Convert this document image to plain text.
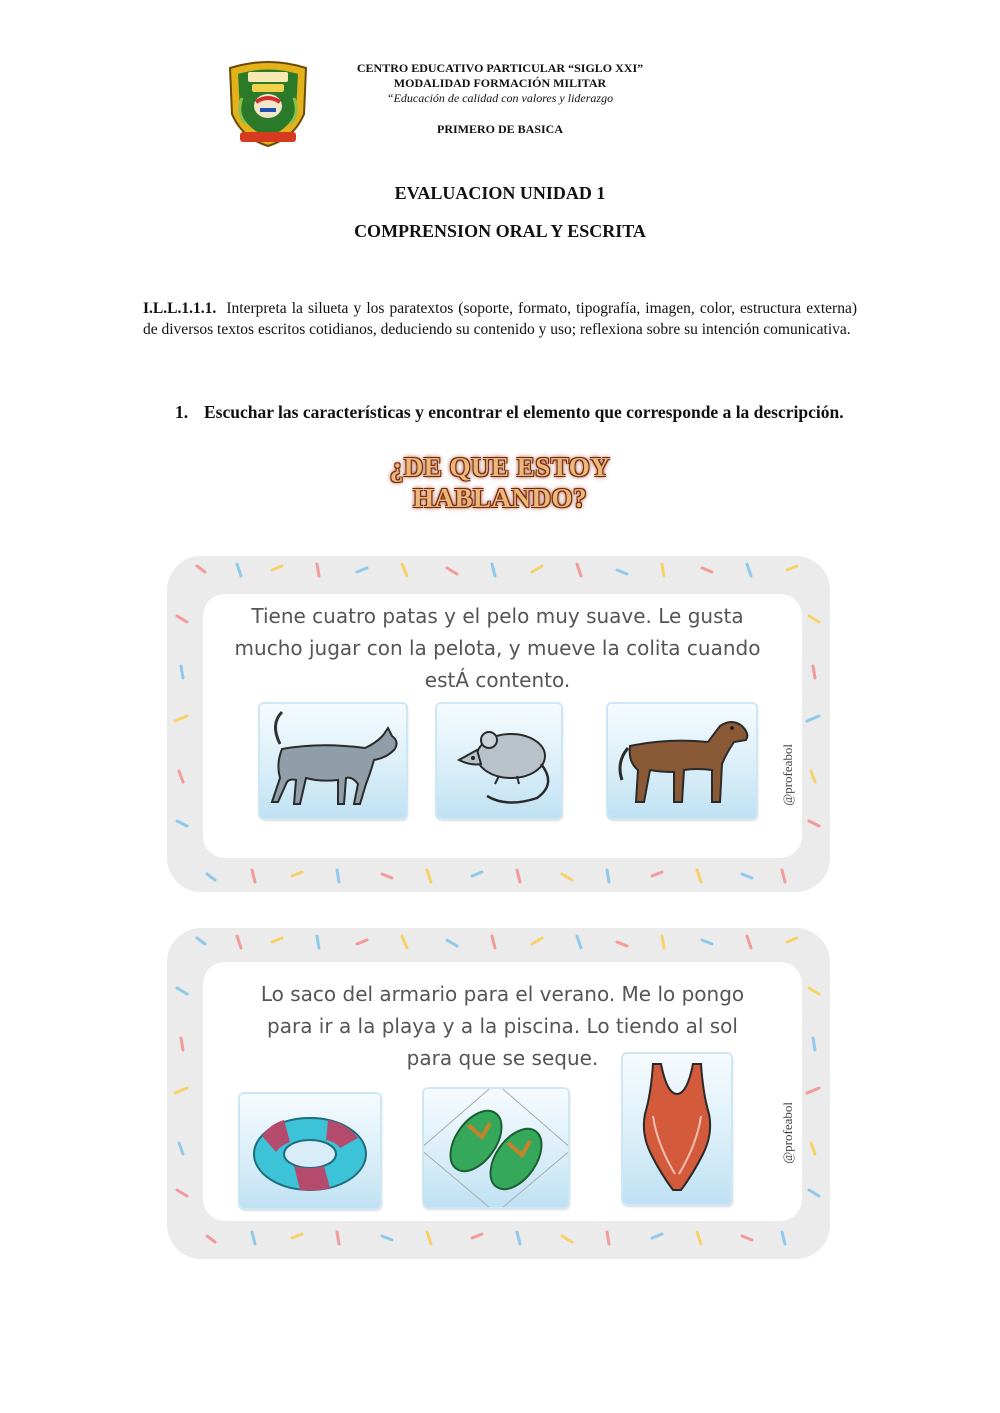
CENTRO EDUCATIVO PARTICULAR “SIGLO XXI”
MODALIDAD FORMACIÓN MILITAR
“Educación de calidad con valores y liderazgo
PRIMERO DE BASICA
EVALUACION UNIDAD 1
COMPRENSION ORAL Y ESCRITA
I.L.L.1.1.1. Interpreta la silueta y los paratextos (soporte, formato, tipografía, imagen, color, estructura externa) de diversos textos escritos cotidianos, deduciendo su contenido y uso; reflexiona sobre su intención comunicativa.
1. Escuchar las características y encontrar el elemento que corresponde a la descripción.
¿DE QUE ESTOY HABLANDO?
Tiene cuatro patas y el pelo muy suave. Le gusta mucho jugar con la pelota, y mueve la colita cuando estÁ contento.
@profeabol
Lo saco del armario para el verano. Me lo pongo para ir a la playa y a la piscina. Lo tiendo al sol para que se seque.
@profeabol
